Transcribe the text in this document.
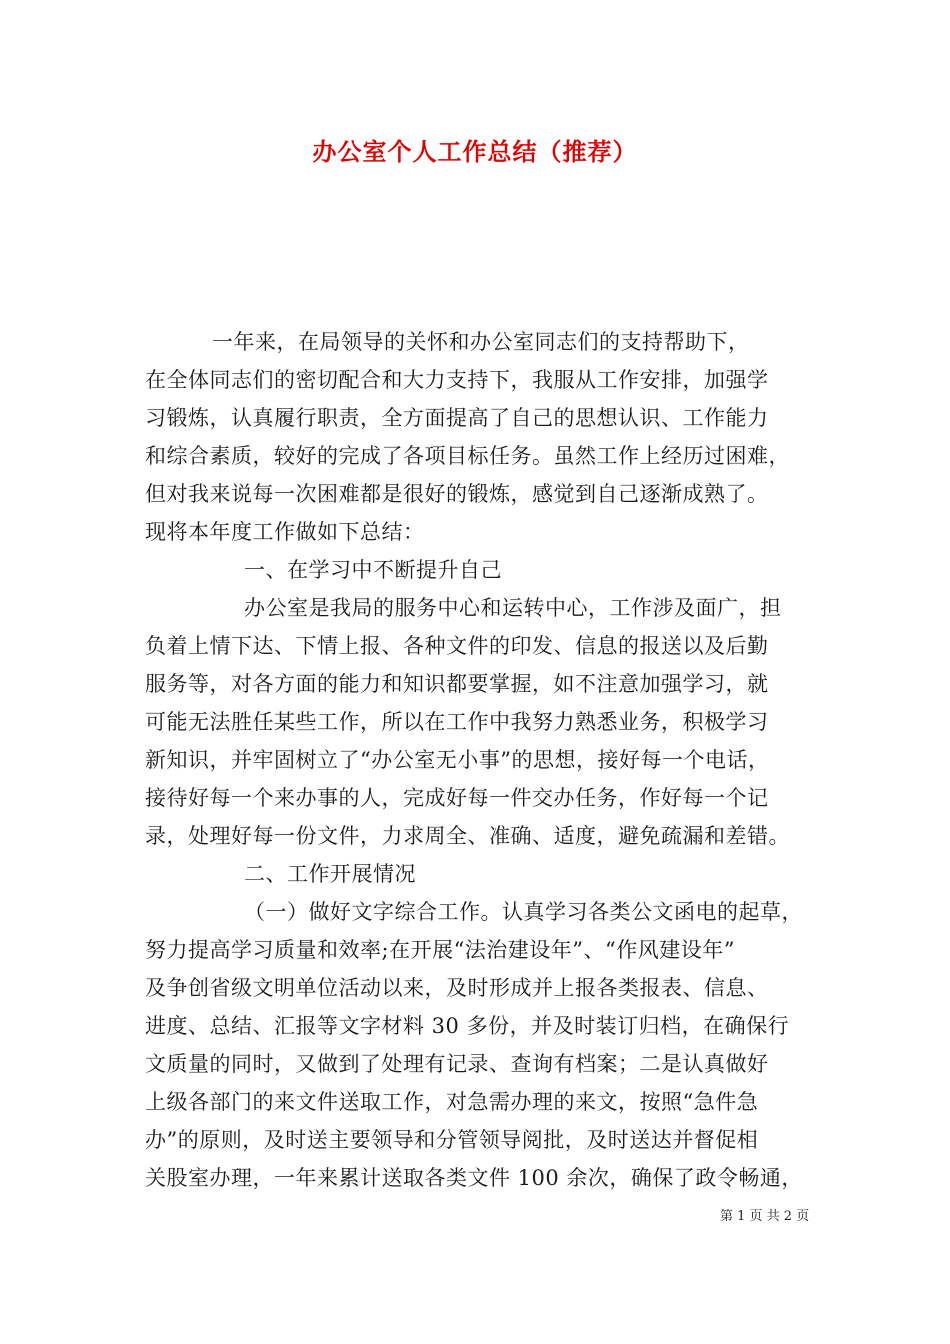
办公室个人工作总结（推荐）
一年来，在局领导的关怀和办公室同志们的支持帮助下，
在全体同志们的密切配合和大力支持下，我服从工作安排，加强学
习锻炼，认真履行职责，全方面提高了自己的思想认识、工作能力
和综合素质，较好的完成了各项目标任务。虽然工作上经历过困难，
但对我来说每一次困难都是很好的锻炼，感觉到自己逐渐成熟了。
现将本年度工作做如下总结：
一、在学习中不断提升自己
办公室是我局的服务中心和运转中心，工作涉及面广，担
负着上情下达、下情上报、各种文件的印发、信息的报送以及后勤
服务等，对各方面的能力和知识都要掌握，如不注意加强学习，就
可能无法胜任某些工作，所以在工作中我努力熟悉业务，积极学习
新知识，并牢固树立了“办公室无小事”的思想，接好每一个电话，
接待好每一个来办事的人，完成好每一件交办任务，作好每一个记
录，处理好每一份文件，力求周全、准确、适度，避免疏漏和差错。
二、工作开展情况
（一）做好文字综合工作。认真学习各类公文函电的起草，
努力提高学习质量和效率;在开展“法治建设年”、“作风建设年”
及争创省级文明单位活动以来，及时形成并上报各类报表、信息、
进度、总结、汇报等文字材料 30 多份，并及时装订归档，在确保行
文质量的同时，又做到了处理有记录、查询有档案；二是认真做好
上级各部门的来文件送取工作，对急需办理的来文，按照“急件急
办”的原则，及时送主要领导和分管领导阅批，及时送达并督促相
关股室办理，一年来累计送取各类文件 100 余次，确保了政令畅通，
第 1 页 共 2 页
